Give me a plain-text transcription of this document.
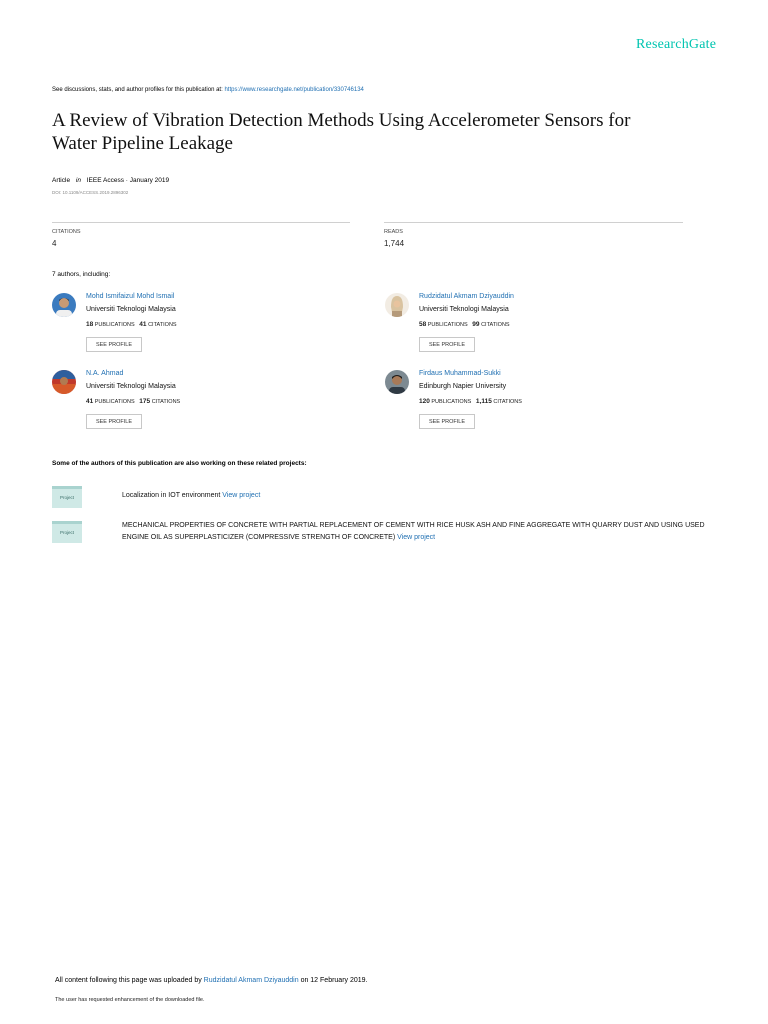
ResearchGate
See discussions, stats, and author profiles for this publication at: https://www.researchgate.net/publication/330746134
A Review of Vibration Detection Methods Using Accelerometer Sensors for
Water Pipeline Leakage
Article in IEEE Access · January 2019
DOI: 10.1109/ACCESS.2019.2896302
CITATIONS
4
READS
1,744
7 authors, including:
Mohd Ismifaizul Mohd Ismail
Universiti Teknologi Malaysia
18 PUBLICATIONS 41 CITATIONS
SEE PROFILE
Rudzidatul Akmam Dziyauddin
Universiti Teknologi Malaysia
58 PUBLICATIONS 99 CITATIONS
SEE PROFILE
N.A. Ahmad
Universiti Teknologi Malaysia
41 PUBLICATIONS 175 CITATIONS
SEE PROFILE
Firdaus Muhammad-Sukki
Edinburgh Napier University
120 PUBLICATIONS 1,115 CITATIONS
SEE PROFILE
Some of the authors of this publication are also working on these related projects:
Project	Localization in IOT environment View project
Project
MECHANICAL PROPERTIES OF CONCRETE WITH PARTIAL REPLACEMENT OF CEMENT WITH RICE HUSK ASH AND FINE AGGREGATE WITH QUARRY DUST AND USING USED
ENGINE OIL AS SUPERPLASTICIZER (COMPRESSIVE STRENGTH OF CONCRETE) View project
All content following this page was uploaded by Rudzidatul Akmam Dziyauddin on 12 February 2019.
The user has requested enhancement of the downloaded file.
